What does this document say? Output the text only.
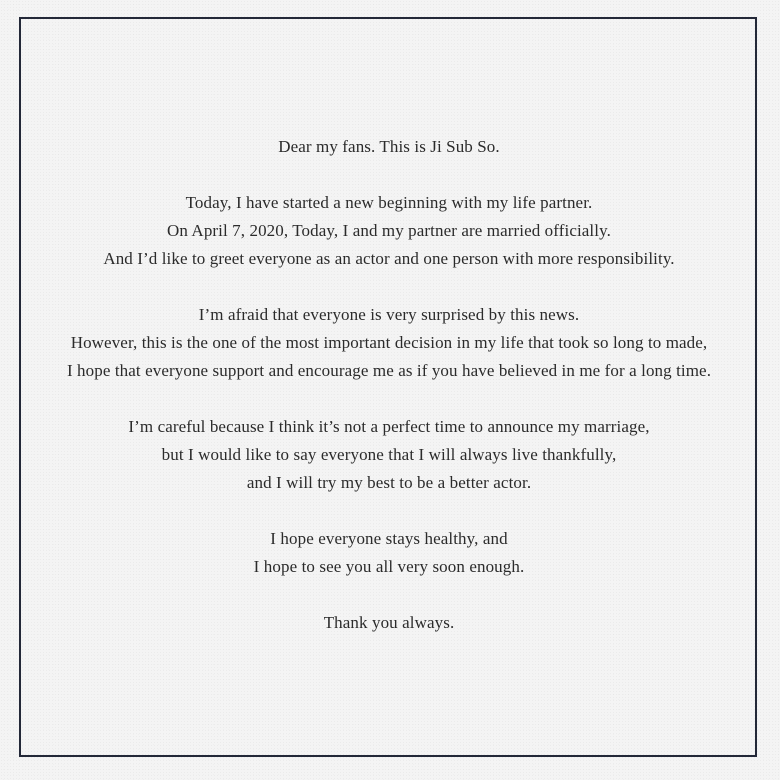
Dear my fans. This is Ji Sub So.
Today, I have started a new beginning with my life partner.
On April 7, 2020, Today, I and my partner are married officially.
And I’d like to greet everyone as an actor and one person with more responsibility.
I’m afraid that everyone is very surprised by this news.
However, this is the one of the most important decision in my life that took so long to made,
I hope that everyone support and encourage me as if you have believed in me for a long time.
I’m careful because I think it’s not a perfect time to announce my marriage,
but I would like to say everyone that I will always live thankfully,
and I will try my best to be a better actor.
I hope everyone stays healthy, and
I hope to see you all very soon enough.
Thank you always.
